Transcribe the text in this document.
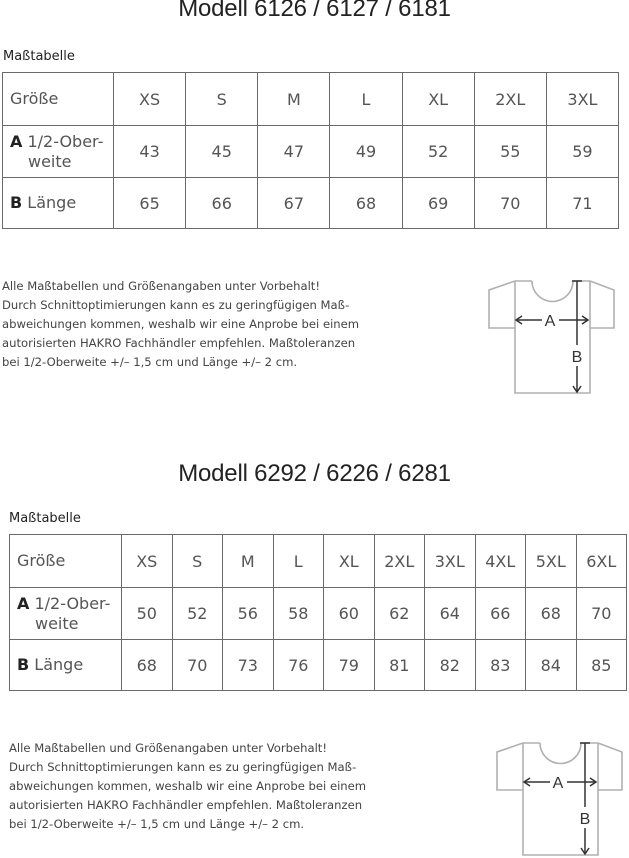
Modell 6126 / 6127 / 6181
Maßtabelle
Größe	XS	S	M	L	XL	2XL	3XL
A 1/2-Ober-
weite	43	45	47	49	52	55	59
B Länge	65	66	67	68	69	70	71
Alle Maßtabellen und Größenangaben unter Vorbehalt!
Durch Schnittoptimierungen kann es zu geringfügigen Maß-
abweichungen kommen, weshalb wir eine Anprobe bei einem
autorisierten HAKRO Fachhändler empfehlen. Maßtoleranzen
bei 1/2-Oberweite +/– 1,5 cm und Länge +/– 2 cm.
A
B
Modell 6292 / 6226 / 6281
Maßtabelle
Größe	XS	S	M	L	XL	2XL	3XL	4XL	5XL	6XL
A 1/2-Ober-
weite	50	52	56	58	60	62	64	66	68	70
B Länge	68	70	73	76	79	81	82	83	84	85
Alle Maßtabellen und Größenangaben unter Vorbehalt!
Durch Schnittoptimierungen kann es zu geringfügigen Maß-
abweichungen kommen, weshalb wir eine Anprobe bei einem
autorisierten HAKRO Fachhändler empfehlen. Maßtoleranzen
bei 1/2-Oberweite +/– 1,5 cm und Länge +/– 2 cm.
A
B
